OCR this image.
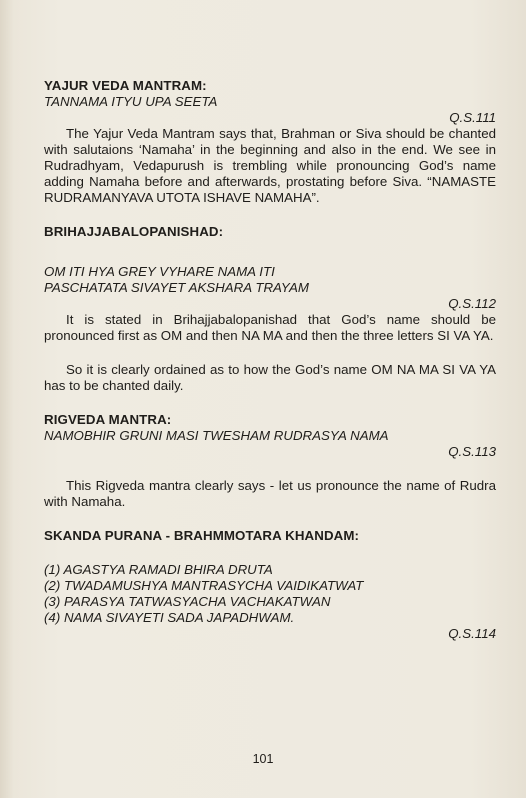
YAJUR VEDA MANTRAM:

TANNAMA ITYU UPA SEETA

Q.S.111

The Yajur Veda Mantram says that, Brahman or Siva should be chanted with salutaions ‘Namaha’ in the beginning and also in the end. We see in Rudradhyam, Vedapurush is trembling while pronouncing God’s name adding Namaha before and afterwards, prostating before Siva. “NAMASTE RUDRAMANYAVA UTOTA ISHAVE NAMAHA”.

BRIHAJJABALOPANISHAD:

OM ITI HYA GREY VYHARE NAMA ITI

PASCHATATA SIVAYET AKSHARA TRAYAM

Q.S.112

It is stated in Brihajjabalopanishad that God’s name should be pronounced first as OM and then NA MA and then the three letters SI VA YA.

So it is clearly ordained as to how the God’s name OM NA MA SI VA YA has to be chanted daily.

RIGVEDA MANTRA:

NAMOBHIR GRUNI MASI TWESHAM RUDRASYA NAMA

Q.S.113

This Rigveda mantra clearly says - let us pronounce the name of Rudra with Namaha.

SKANDA PURANA - BRAHMMOTARA KHANDAM:

(1) AGASTYA RAMADI BHIRA DRUTA

(2) TWADAMUSHYA MANTRASYCHA VAIDIKATWAT

(3) PARASYA TATWASYACHA VACHAKATWAN

(4) NAMA SIVAYETI SADA JAPADHWAM.

Q.S.114

101
